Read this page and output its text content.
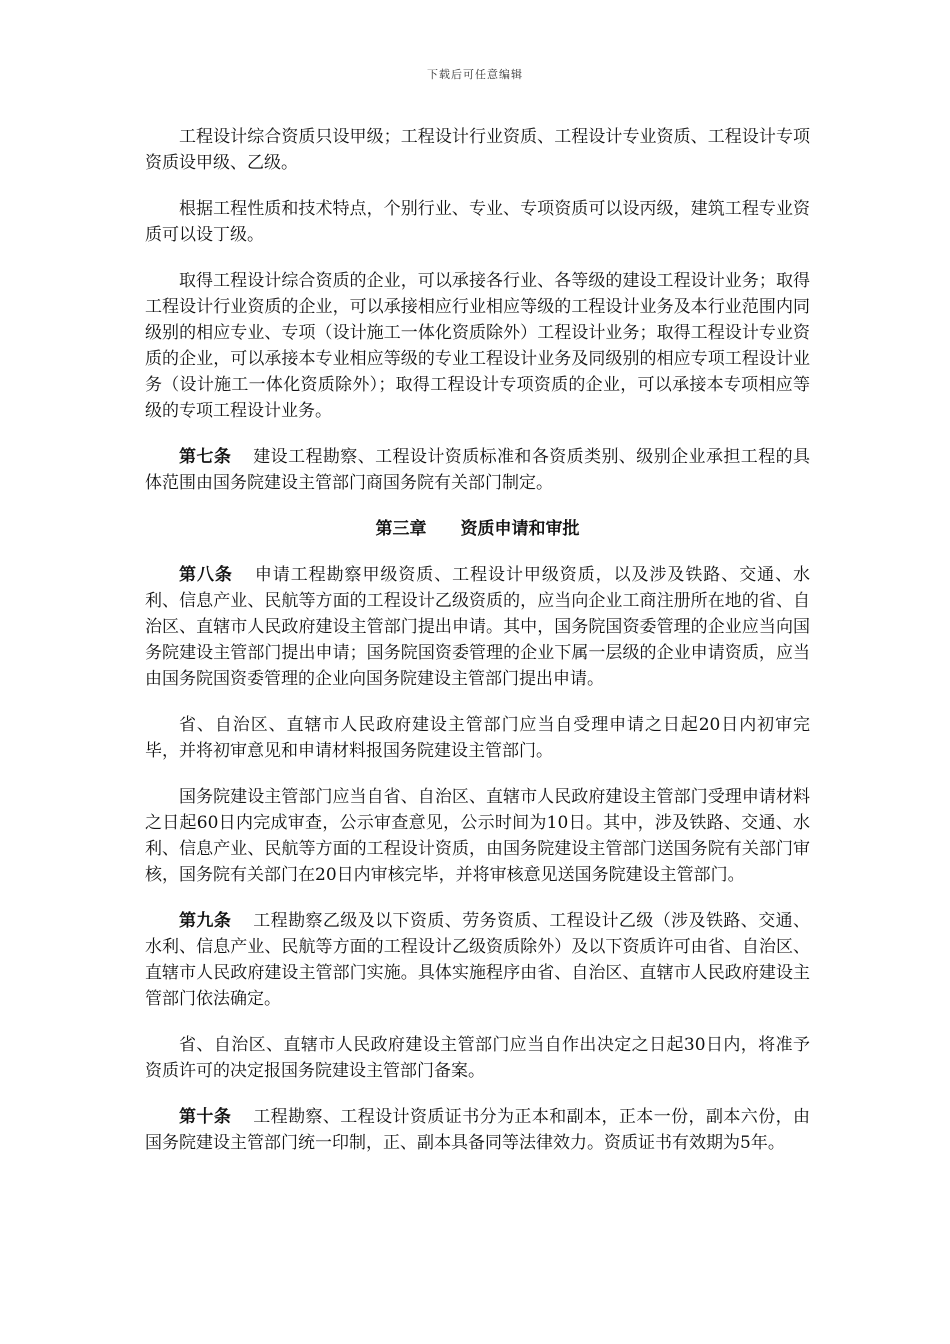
下载后可任意编辑

工程设计综合资质只设甲级；工程设计行业资质、工程设计专业资质、工程设计专项资质设甲级、乙级。

根据工程性质和技术特点，个别行业、专业、专项资质可以设丙级，建筑工程专业资质可以设丁级。

取得工程设计综合资质的企业，可以承接各行业、各等级的建设工程设计业务；取得工程设计行业资质的企业，可以承接相应行业相应等级的工程设计业务及本行业范围内同级别的相应专业、专项（设计施工一体化资质除外）工程设计业务；取得工程设计专业资质的企业，可以承接本专业相应等级的专业工程设计业务及同级别的相应专项工程设计业务（设计施工一体化资质除外）；取得工程设计专项资质的企业，可以承接本专项相应等级的专项工程设计业务。

第七条 建设工程勘察、工程设计资质标准和各资质类别、级别企业承担工程的具体范围由国务院建设主管部门商国务院有关部门制定。

第三章 资质申请和审批

第八条 申请工程勘察甲级资质、工程设计甲级资质，以及涉及铁路、交通、水利、信息产业、民航等方面的工程设计乙级资质的，应当向企业工商注册所在地的省、自治区、直辖市人民政府建设主管部门提出申请。其中，国务院国资委管理的企业应当向国务院建设主管部门提出申请；国务院国资委管理的企业下属一层级的企业申请资质，应当由国务院国资委管理的企业向国务院建设主管部门提出申请。

省、自治区、直辖市人民政府建设主管部门应当自受理申请之日起20日内初审完毕，并将初审意见和申请材料报国务院建设主管部门。

国务院建设主管部门应当自省、自治区、直辖市人民政府建设主管部门受理申请材料之日起60日内完成审查，公示审查意见，公示时间为10日。其中，涉及铁路、交通、水利、信息产业、民航等方面的工程设计资质，由国务院建设主管部门送国务院有关部门审核，国务院有关部门在20日内审核完毕，并将审核意见送国务院建设主管部门。

第九条 工程勘察乙级及以下资质、劳务资质、工程设计乙级（涉及铁路、交通、水利、信息产业、民航等方面的工程设计乙级资质除外）及以下资质许可由省、自治区、直辖市人民政府建设主管部门实施。具体实施程序由省、自治区、直辖市人民政府建设主管部门依法确定。

省、自治区、直辖市人民政府建设主管部门应当自作出决定之日起30日内，将准予资质许可的决定报国务院建设主管部门备案。

第十条 工程勘察、工程设计资质证书分为正本和副本，正本一份，副本六份，由国务院建设主管部门统一印制，正、副本具备同等法律效力。资质证书有效期为5年。
